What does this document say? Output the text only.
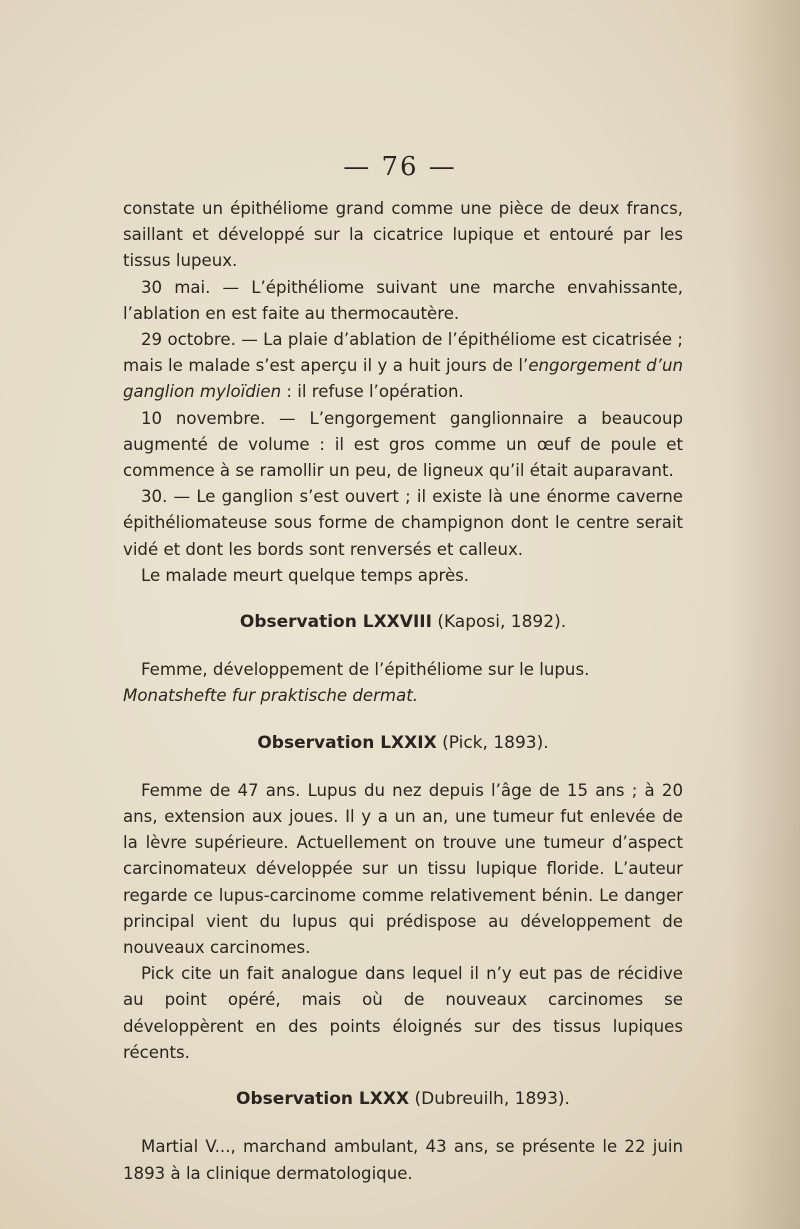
— 76 —

constate un épithéliome grand comme une pièce de deux francs, saillant et développé sur la cicatrice lupique et entouré par les tissus lupeux.

30 mai. — L’épithéliome suivant une marche envahissante, l’ablation en est faite au thermocautère.

29 octobre. — La plaie d’ablation de l’épithéliome est cicatrisée ; mais le malade s’est aperçu il y a huit jours de l’engorgement d’un ganglion myloïdien : il refuse l’opération.

10 novembre. — L’engorgement ganglionnaire a beaucoup augmenté de volume : il est gros comme un œuf de poule et commence à se ramollir un peu, de ligneux qu’il était auparavant.

30. — Le ganglion s’est ouvert ; il existe là une énorme caverne épithéliomateuse sous forme de champignon dont le centre serait vidé et dont les bords sont renversés et calleux.

Le malade meurt quelque temps après.

Observation LXXVIII (Kaposi, 1892).

Femme, développement de l’épithéliome sur le lupus.

Monatshefte fur praktische dermat.

Observation LXXIX (Pick, 1893).

Femme de 47 ans. Lupus du nez depuis l’âge de 15 ans ; à 20 ans, extension aux joues. Il y a un an, une tumeur fut enlevée de la lèvre supérieure. Actuellement on trouve une tumeur d’aspect carcinomateux développée sur un tissu lupique floride. L’auteur regarde ce lupus-carcinome comme relativement bénin. Le danger principal vient du lupus qui prédispose au développement de nouveaux carcinomes.

Pick cite un fait analogue dans lequel il n’y eut pas de récidive au point opéré, mais où de nouveaux carcinomes se développèrent en des points éloignés sur des tissus lupiques récents.

Observation LXXX (Dubreuilh, 1893).

Martial V..., marchand ambulant, 43 ans, se présente le 22 juin 1893 à la clinique dermatologique.
